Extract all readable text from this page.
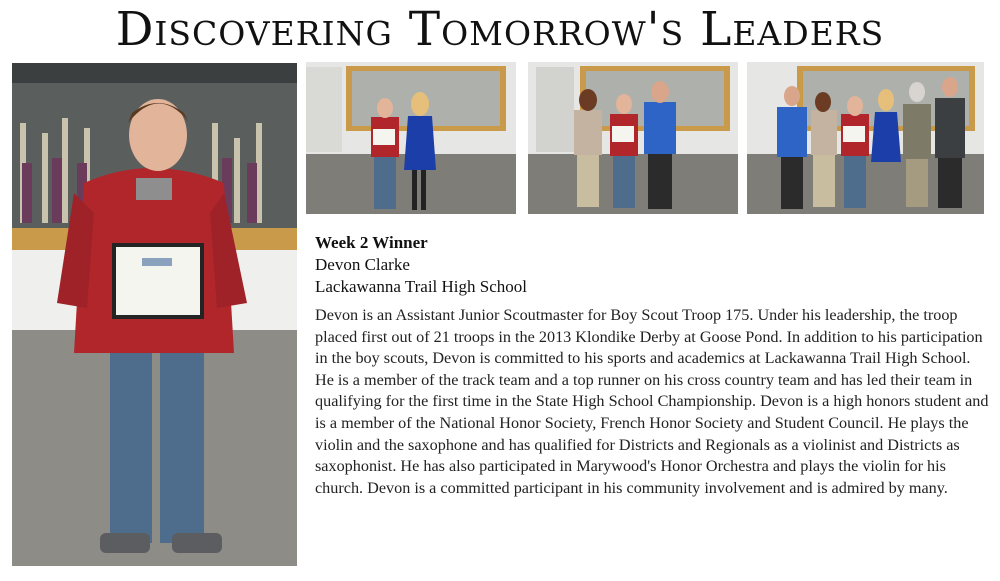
Discovering Tomorrow's Leaders
Week 2 Winner
Devon Clarke
Lackawanna Trail High School
Devon is an Assistant Junior Scoutmaster for Boy Scout Troop 175. Under his leadership, the troop placed first out of 21 troops in the 2013 Klondike Derby at Goose Pond. In addition to his participation in the boy scouts, Devon is committed to his sports and academics at Lackawanna Trail High School. He is a member of the track team and a top runner on his cross country team and has led their team in qualifying for the first time in the State High School Championship. Devon is a high honors student and is a member of the National Honor Society, French Honor Society and Student Council. He plays the violin and the saxophone and has qualified for Districts and Regionals as a violinist and Districts as saxophonist. He has also participated in Marywood's Honor Orchestra and plays the violin for his church. Devon is a committed participant in his community involvement and is admired by many.
